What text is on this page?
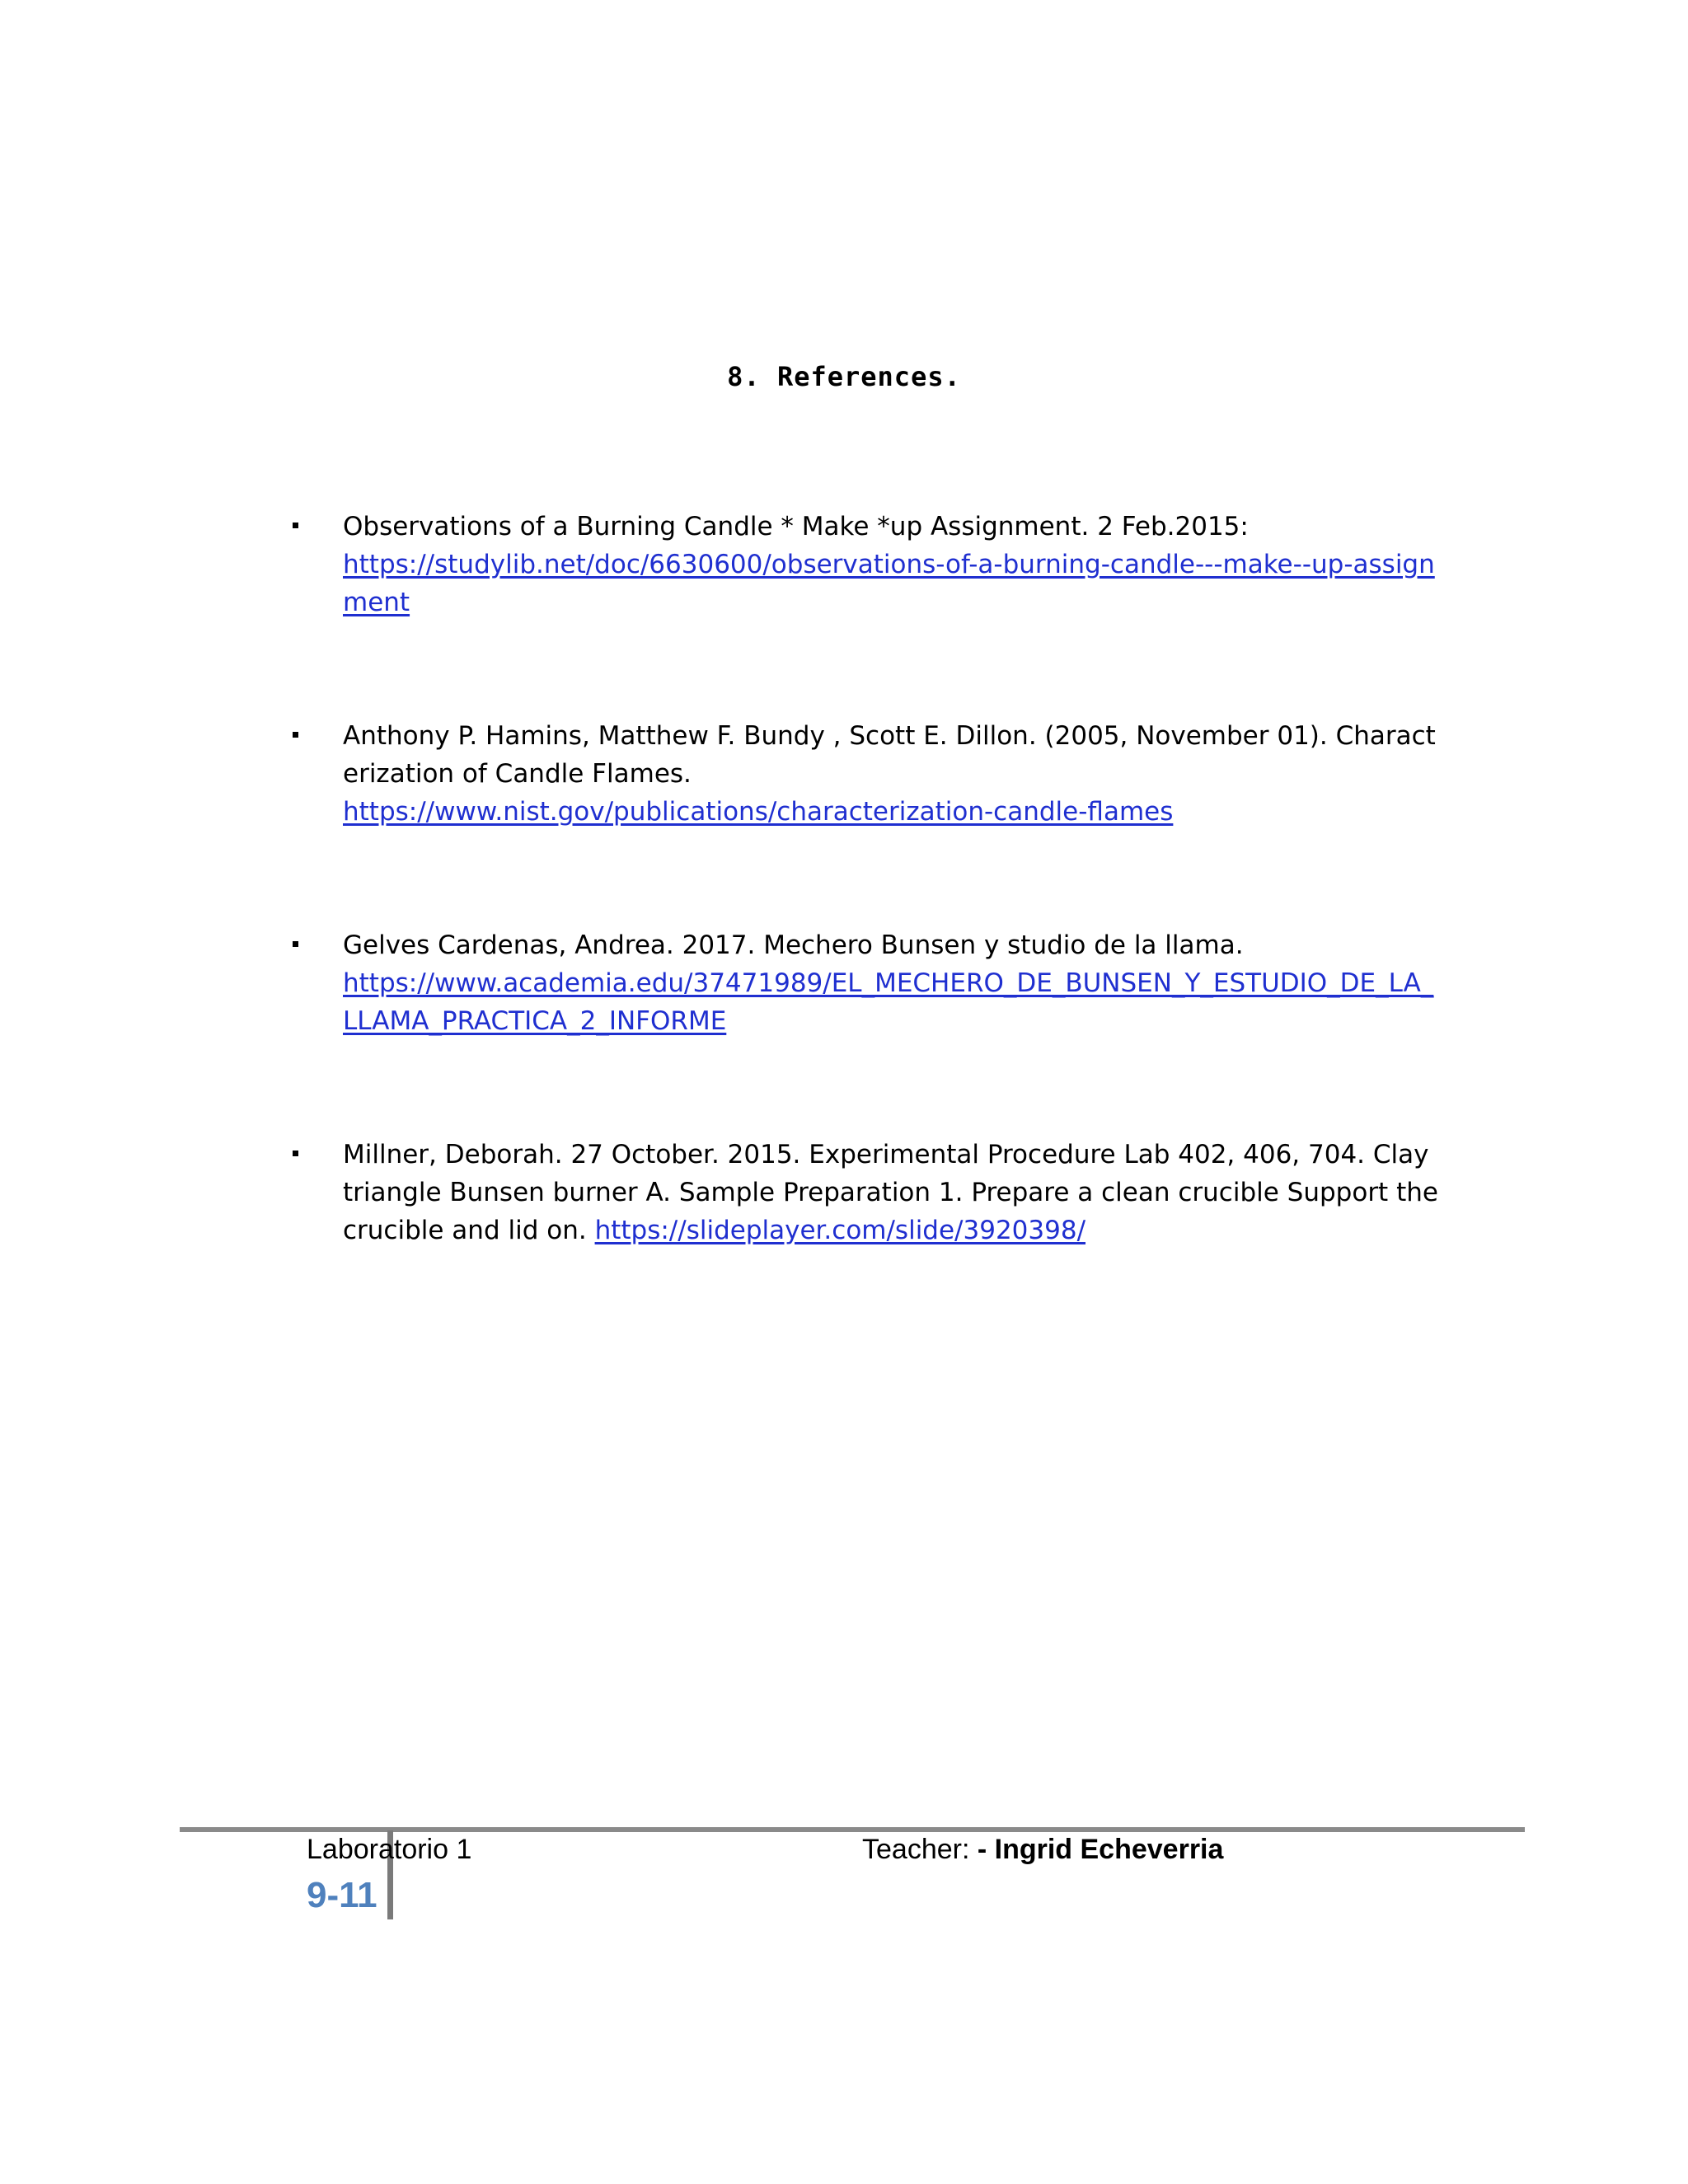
8. References.
Observations of a Burning Candle * Make *up Assignment. 2 Feb.2015:
https://studylib.net/doc/6630600/observations-of-a-burning-candle---make--up-assignment
Anthony P. Hamins, Matthew F. Bundy , Scott E. Dillon. (2005, November 01). Characterization of Candle Flames.
https://www.nist.gov/publications/characterization-candle-flames
Gelves Cardenas, Andrea. 2017. Mechero Bunsen y studio de la llama.
https://www.academia.edu/37471989/EL_MECHERO_DE_BUNSEN_Y_ESTUDIO_DE_LA_LLAMA_PRACTICA_2_INFORME
Millner, Deborah. 27 October. 2015. Experimental Procedure Lab 402, 406, 704. Clay triangle Bunsen burner A. Sample Preparation 1. Prepare a clean crucible Support the crucible and lid on. https://slideplayer.com/slide/3920398/
Laboratorio 1
9-11
Teacher: - Ingrid Echeverria
